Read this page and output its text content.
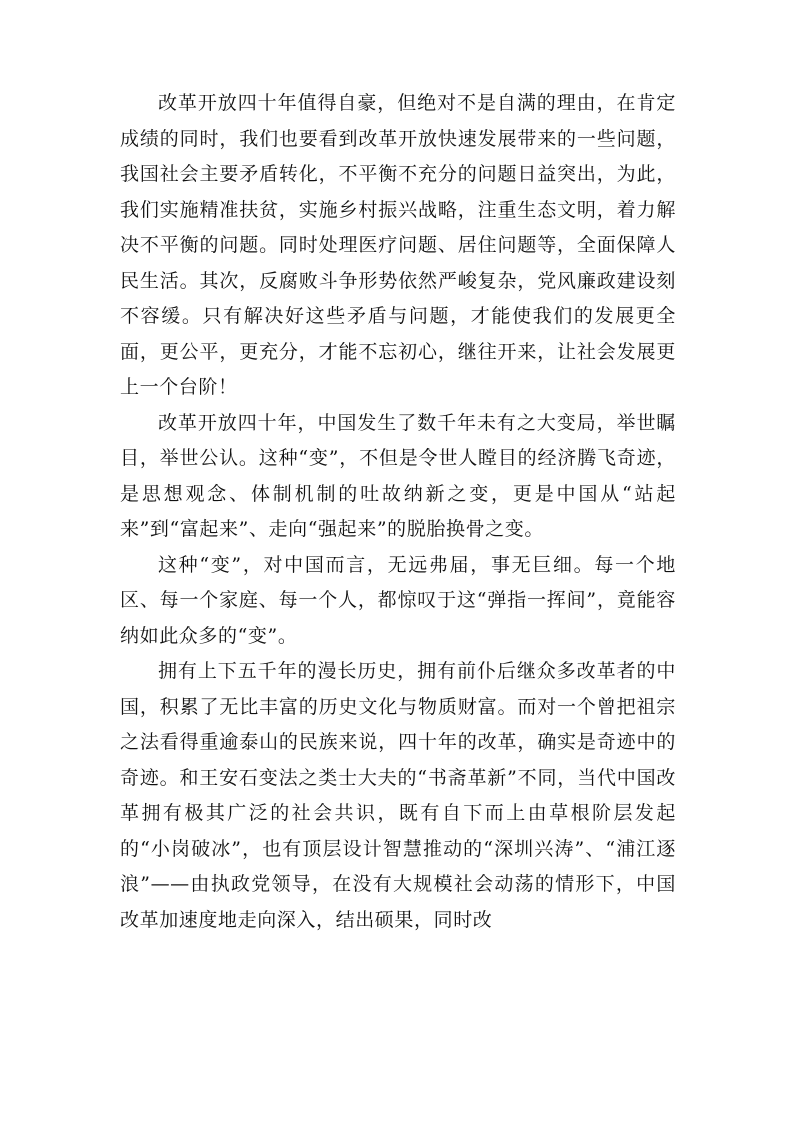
改革开放四十年值得自豪，但绝对不是自满的理由，在肯定成绩的同时，我们也要看到改革开放快速发展带来的一些问题，我国社会主要矛盾转化，不平衡不充分的问题日益突出，为此，我们实施精准扶贫，实施乡村振兴战略，注重生态文明，着力解决不平衡的问题。同时处理医疗问题、居住问题等，全面保障人民生活。其次，反腐败斗争形势依然严峻复杂，党风廉政建设刻不容缓。只有解决好这些矛盾与问题，才能使我们的发展更全面，更公平，更充分，才能不忘初心，继往开来，让社会发展更上一个台阶！

改革开放四十年，中国发生了数千年未有之大变局，举世瞩目，举世公认。这种“变”，不但是令世人瞠目的经济腾飞奇迹，是思想观念、体制机制的吐故纳新之变，更是中国从“站起来”到“富起来”、走向“强起来”的脱胎换骨之变。

这种“变”，对中国而言，无远弗届，事无巨细。每一个地区、每一个家庭、每一个人，都惊叹于这“弹指一挥间”，竟能容纳如此众多的“变”。

拥有上下五千年的漫长历史，拥有前仆后继众多改革者的中国，积累了无比丰富的历史文化与物质财富。而对一个曾把祖宗之法看得重逾泰山的民族来说，四十年的改革，确实是奇迹中的奇迹。和王安石变法之类士大夫的“书斋革新”不同，当代中国改革拥有极其广泛的社会共识，既有自下而上由草根阶层发起的“小岗破冰”，也有顶层设计智慧推动的“深圳兴涛”、“浦江逐浪”——由执政党领导，在没有大规模社会动荡的情形下，中国改革加速度地走向深入，结出硕果，同时改
